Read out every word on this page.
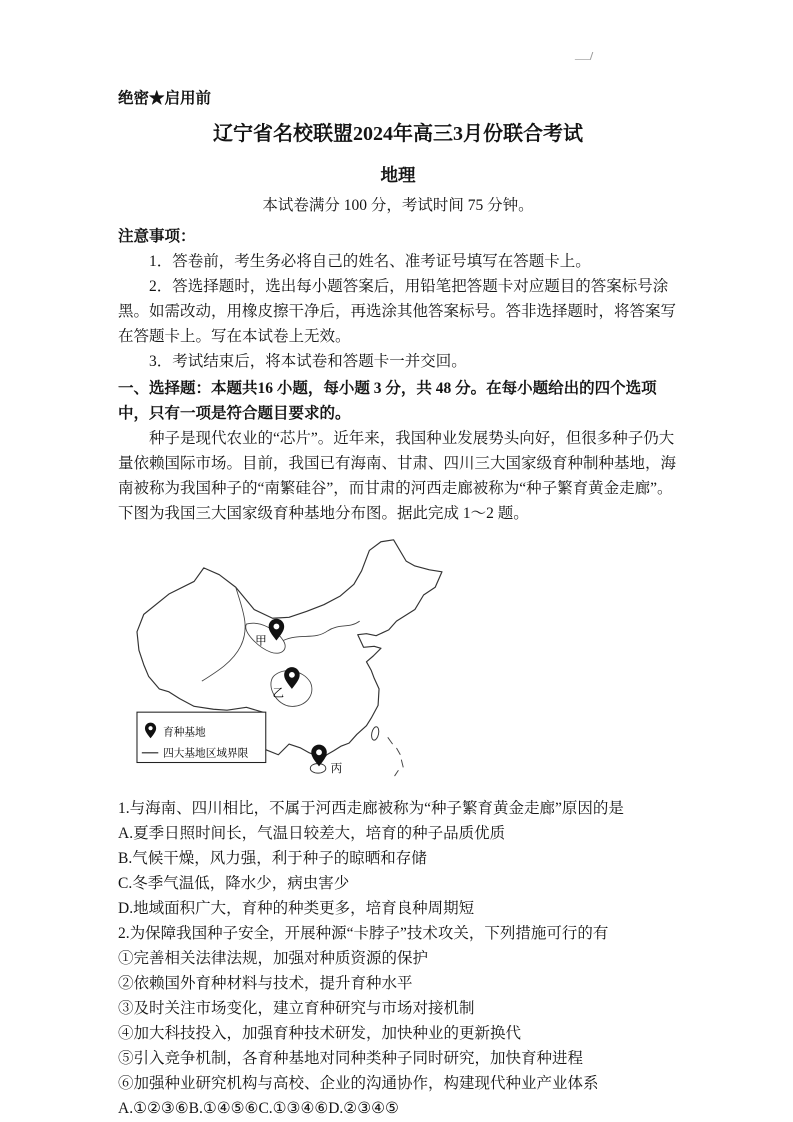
绝密★启用前

辽宁省名校联盟2024年高三3月份联合考试
地理

本试卷满分 100 分，考试时间 75 分钟。

注意事项：

1．答卷前，考生务必将自己的姓名、准考证号填写在答题卡上。

2．答选择题时，选出每小题答案后，用铅笔把答题卡对应题目的答案标号涂黑。如需改动，用橡皮擦干净后，再选涂其他答案标号。答非选择题时，将答案写在答题卡上。写在本试卷上无效。

3．考试结束后，将本试卷和答题卡一并交回。

一、选择题：本题共16 小题，每小题 3 分，共 48 分。在每小题给出的四个选项中，只有一项是符合题目要求的。

种子是现代农业的“芯片”。近年来，我国种业发展势头向好，但很多种子仍大量依赖国际市场。目前，我国已有海南、甘肃、四川三大国家级育种制种基地，海南被称为我国种子的“南繁硅谷”，而甘肃的河西走廊被称为“种子繁育黄金走廊”。下图为我国三大国家级育种基地分布图。据此完成 1～2 题。

甲
乙
丙
育种基地
四大基地区域界限

1.与海南、四川相比，不属于河西走廊被称为“种子繁育黄金走廊”原因的是

A.夏季日照时间长，气温日较差大，培育的种子品质优质

B.气候干燥，风力强，利于种子的晾晒和存储

C.冬季气温低，降水少，病虫害少

D.地域面积广大，育种的种类更多，培育良种周期短

2.为保障我国种子安全，开展种源“卡脖子”技术攻关，下列措施可行的有

①完善相关法律法规，加强对种质资源的保护

②依赖国外育种材料与技术，提升育种水平

③及时关注市场变化，建立育种研究与市场对接机制

④加大科技投入，加强育种技术研发，加快种业的更新换代

⑤引入竞争机制，各育种基地对同种类种子同时研究，加快育种进程

⑥加强种业研究机构与高校、企业的沟通协作，构建现代种业产业体系

A.①②③⑥B.①④⑤⑥C.①③④⑥D.②③④⑤
